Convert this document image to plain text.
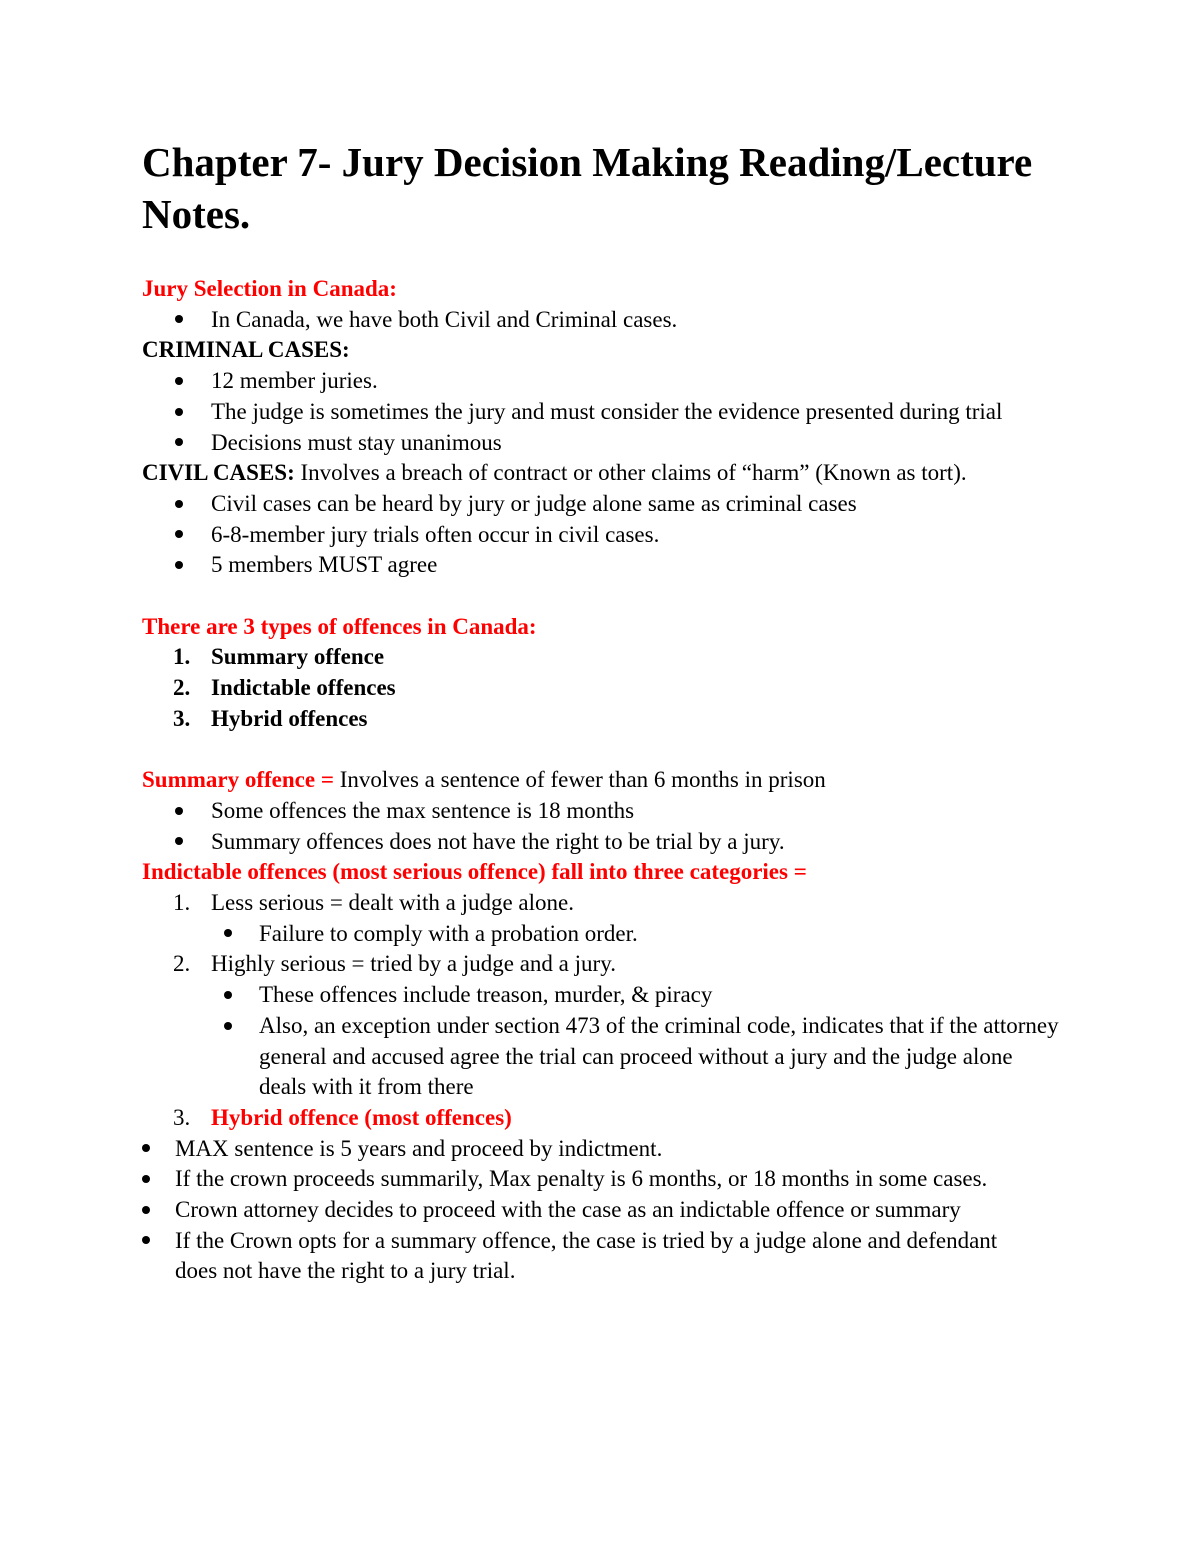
Chapter 7- Jury Decision Making Reading/Lecture Notes.

Jury Selection in Canada:

In Canada, we have both Civil and Criminal cases.

CRIMINAL CASES:

12 member juries.

The judge is sometimes the jury and must consider the evidence presented during trial

Decisions must stay unanimous

CIVIL CASES: Involves a breach of contract or other claims of “harm” (Known as tort).

Civil cases can be heard by jury or judge alone same as criminal cases

6-8-member jury trials often occur in civil cases.

5 members MUST agree

There are 3 types of offences in Canada:

1. Summary offence

2. Indictable offences

3. Hybrid offences

Summary offence = Involves a sentence of fewer than 6 months in prison

Some offences the max sentence is 18 months

Summary offences does not have the right to be trial by a jury.

Indictable offences (most serious offence) fall into three categories =

1. Less serious = dealt with a judge alone.

Failure to comply with a probation order.

2. Highly serious = tried by a judge and a jury.

These offences include treason, murder, & piracy

Also, an exception under section 473 of the criminal code, indicates that if the attorney general and accused agree the trial can proceed without a jury and the judge alone deals with it from there

3. Hybrid offence (most offences)

MAX sentence is 5 years and proceed by indictment.

If the crown proceeds summarily, Max penalty is 6 months, or 18 months in some cases.

Crown attorney decides to proceed with the case as an indictable offence or summary

If the Crown opts for a summary offence, the case is tried by a judge alone and defendant does not have the right to a jury trial.
